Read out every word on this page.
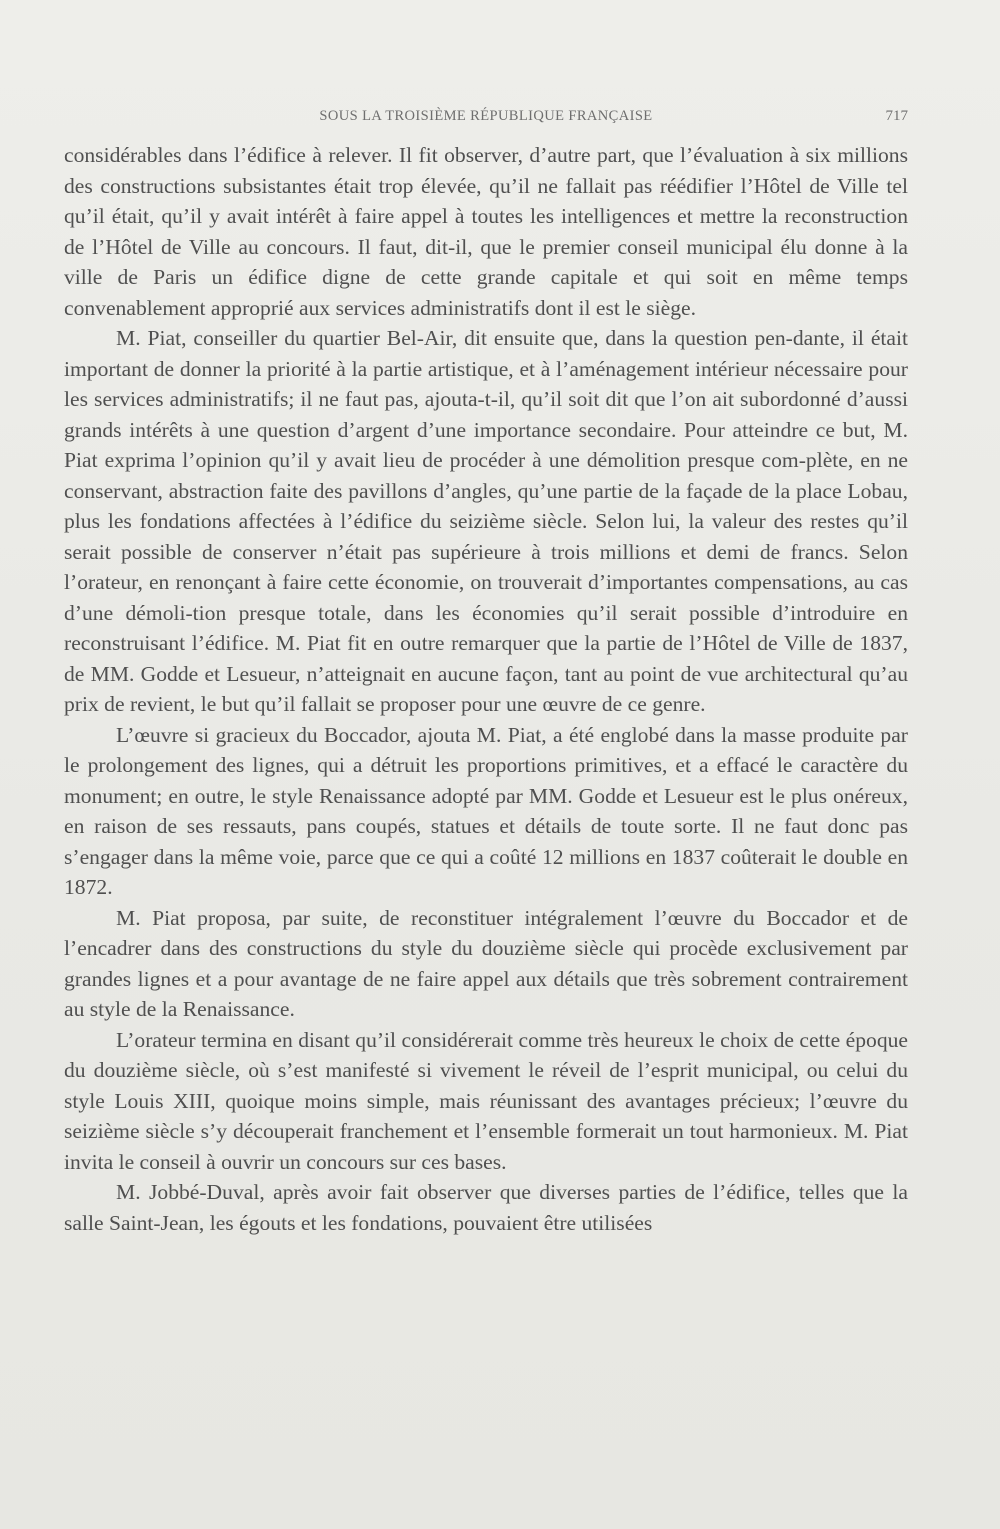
SOUS LA TROISIÈME RÉPUBLIQUE FRANÇAISE	717

considérables dans l’édifice à relever. Il fit observer, d’autre part, que l’évaluation à six millions des constructions subsistantes était trop élevée, qu’il ne fallait pas réédifier l’Hôtel de Ville tel qu’il était, qu’il y avait intérêt à faire appel à toutes les intelligences et mettre la reconstruction de l’Hôtel de Ville au concours. Il faut, dit-il, que le premier conseil municipal élu donne à la ville de Paris un édifice digne de cette grande capitale et qui soit en même temps convenablement approprié aux services administratifs dont il est le siège.

M. Piat, conseiller du quartier Bel-Air, dit ensuite que, dans la question pen-dante, il était important de donner la priorité à la partie artistique, et à l’aménagement intérieur nécessaire pour les services administratifs; il ne faut pas, ajouta-t-il, qu’il soit dit que l’on ait subordonné d’aussi grands intérêts à une question d’argent d’une importance secondaire. Pour atteindre ce but, M. Piat exprima l’opinion qu’il y avait lieu de procéder à une démolition presque com-plète, en ne conservant, abstraction faite des pavillons d’angles, qu’une partie de la façade de la place Lobau, plus les fondations affectées à l’édifice du seizième siècle. Selon lui, la valeur des restes qu’il serait possible de conserver n’était pas supérieure à trois millions et demi de francs. Selon l’orateur, en renonçant à faire cette économie, on trouverait d’importantes compensations, au cas d’une démoli-tion presque totale, dans les économies qu’il serait possible d’introduire en reconstruisant l’édifice. M. Piat fit en outre remarquer que la partie de l’Hôtel de Ville de 1837, de MM. Godde et Lesueur, n’atteignait en aucune façon, tant au point de vue architectural qu’au prix de revient, le but qu’il fallait se proposer pour une œuvre de ce genre.

L’œuvre si gracieux du Boccador, ajouta M. Piat, a été englobé dans la masse produite par le prolongement des lignes, qui a détruit les proportions primitives, et a effacé le caractère du monument; en outre, le style Renaissance adopté par MM. Godde et Lesueur est le plus onéreux, en raison de ses ressauts, pans coupés, statues et détails de toute sorte. Il ne faut donc pas s’engager dans la même voie, parce que ce qui a coûté 12 millions en 1837 coûterait le double en 1872.

M. Piat proposa, par suite, de reconstituer intégralement l’œuvre du Boccador et de l’encadrer dans des constructions du style du douzième siècle qui procède exclusivement par grandes lignes et a pour avantage de ne faire appel aux détails que très sobrement contrairement au style de la Renaissance.

L’orateur termina en disant qu’il considérerait comme très heureux le choix de cette époque du douzième siècle, où s’est manifesté si vivement le réveil de l’esprit municipal, ou celui du style Louis XIII, quoique moins simple, mais réunissant des avantages précieux; l’œuvre du seizième siècle s’y découperait franchement et l’ensemble formerait un tout harmonieux. M. Piat invita le conseil à ouvrir un concours sur ces bases.

M. Jobbé-Duval, après avoir fait observer que diverses parties de l’édifice, telles que la salle Saint-Jean, les égouts et les fondations, pouvaient être utilisées
